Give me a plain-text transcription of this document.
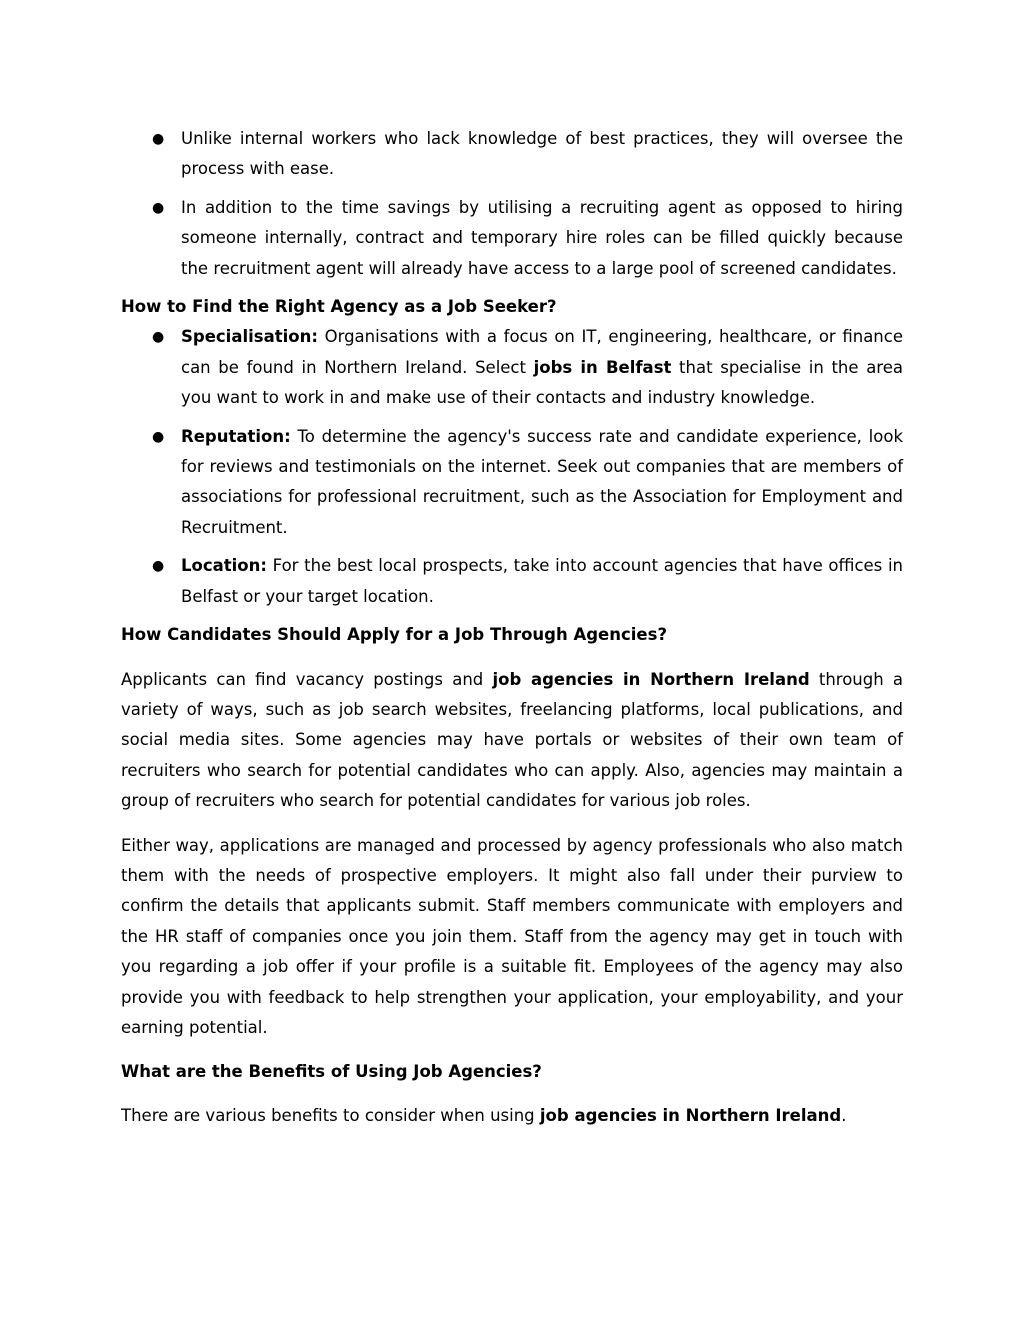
● Unlike internal workers who lack knowledge of best practices, they will oversee the process with ease.
● In addition to the time savings by utilising a recruiting agent as opposed to hiring someone internally, contract and temporary hire roles can be filled quickly because the recruitment agent will already have access to a large pool of screened candidates.
How to Find the Right Agency as a Job Seeker?
● Specialisation: Organisations with a focus on IT, engineering, healthcare, or finance can be found in Northern Ireland. Select jobs in Belfast that specialise in the area you want to work in and make use of their contacts and industry knowledge.
● Reputation: To determine the agency's success rate and candidate experience, look for reviews and testimonials on the internet. Seek out companies that are members of associations for professional recruitment, such as the Association for Employment and Recruitment.
● Location: For the best local prospects, take into account agencies that have offices in Belfast or your target location.
How Candidates Should Apply for a Job Through Agencies?

Applicants can find vacancy postings and job agencies in Northern Ireland through a variety of ways, such as job search websites, freelancing platforms, local publications, and social media sites. Some agencies may have portals or websites of their own team of recruiters who search for potential candidates who can apply. Also, agencies may maintain a group of recruiters who search for potential candidates for various job roles.

Either way, applications are managed and processed by agency professionals who also match them with the needs of prospective employers. It might also fall under their purview to confirm the details that applicants submit. Staff members communicate with employers and the HR staff of companies once you join them. Staff from the agency may get in touch with you regarding a job offer if your profile is a suitable fit. Employees of the agency may also provide you with feedback to help strengthen your application, your employability, and your earning potential.

What are the Benefits of Using Job Agencies?

There are various benefits to consider when using job agencies in Northern Ireland.
